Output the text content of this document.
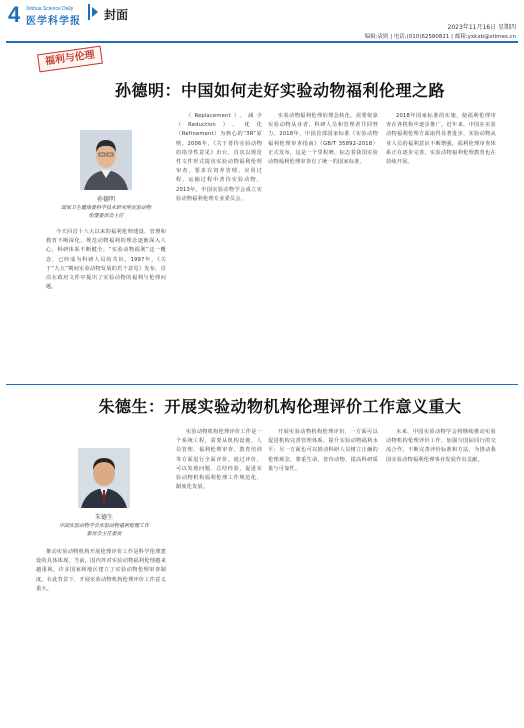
4 Xinhua Science Daily
医学科学报	封面
2023年11月16日 星期四
编辑:袁则 | 电话:(010)62580821 | 邮箱:yxkxb@stimes.cn
福利与伦理
孙德明：中国如何走好实验动物福利伦理之路
孙德明
国家卫生健康委科学技术研究所实验动物伦理委员会主任

今天回首十八大以来的福利伦理建设，管理和教育不断深化，规范动物福利的理念逐渐深入人心，科研体系不断健全。“实验动物福利”这一概念，已经成为科研人员的共识。1997年，《关于“九五”期间实验动物发展的若干意见》发布，首次在政府文件中提出了实验动物的福利与伦理问题。

（Replacement）、减少（Reduction）、优化（Refinement）为核心的“3R”原则。2006年，《关于善待实验动物的指导性意见》出台，首次以规范性文件形式提出实验动物福利伦理审查，要求在饲养管理、应用过程、运输过程中善待实验动物。2013年，中国实验动物学会成立实验动物福利伦理专业委员会。

实验动物福利伦理的理念转化，需要依靠实验动物从业者、科研人员和管理者共同努力。2018年，中国首部国家标准《实验动物 福利伦理审查指南》（GB/T 35892-2018）正式发布，这是一个里程碑，标志着我国实验动物福利伦理审查有了统一的国家标准。

2018年国家标准的实施，使福利伦理审查在各机构中逐步推广。近年来，中国在实验动物福利伦理方面取得显著进步，实验动物从业人员的福利意识不断增强，福利伦理审查体系正在逐步完善，实验动物福利伦理教育也在持续开展。

朱德生：开展实验动物机构伦理评价工作意义重大
朱德生
中国实验动物学会实验动物福利伦理工作委员会主任委员

推动实验动物机构开展伦理评价工作是科学伦理建设的具体体现。当前，国内外对实验动物福利伦理越来越重视，许多国家和地区建立了实验动物伦理审查制度。在此背景下，开展实验动物机构伦理评价工作意义重大。

实验动物机构伦理评价工作是一个系统工程，需要从机构设施、人员管理、福利伦理审查、教育培训等方面进行全面评价。通过评价，可以发现问题、总结经验，促进实验动物机构福利伦理工作规范化、制度化发展。

开展实验动物机构伦理评价，一方面可以促进机构完善管理体系，提升实验动物福利水平；另一方面也可以推动科研人员树立正确的伦理观念，尊重生命，善待动物，提高科研质量与可靠性。

未来，中国实验动物学会将继续推动实验动物机构伦理评价工作，加强与国际同行的交流合作，不断完善评价标准和方法，为推动我国实验动物福利伦理事业发展作出贡献。
